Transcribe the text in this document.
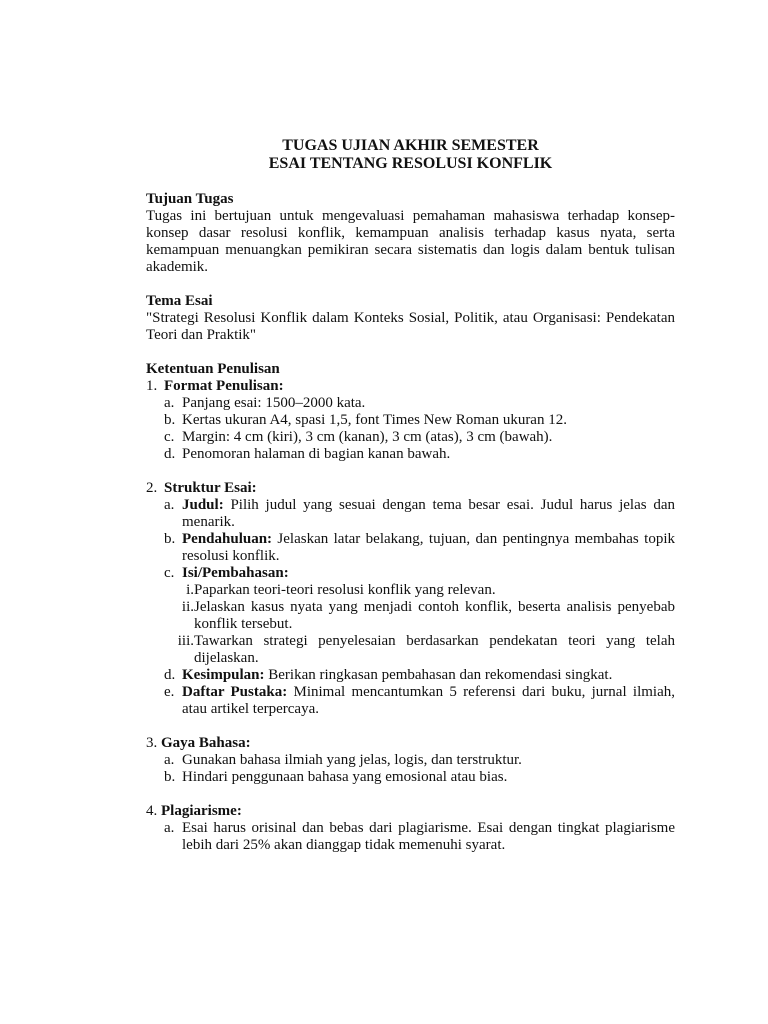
TUGAS UJIAN AKHIR SEMESTER
ESAI TENTANG RESOLUSI KONFLIK
Tujuan Tugas
Tugas ini bertujuan untuk mengevaluasi pemahaman mahasiswa terhadap konsep-konsep dasar resolusi konflik, kemampuan analisis terhadap kasus nyata, serta kemampuan menuangkan pemikiran secara sistematis dan logis dalam bentuk tulisan akademik.
Tema Esai
"Strategi Resolusi Konflik dalam Konteks Sosial, Politik, atau Organisasi: Pendekatan Teori dan Praktik"
Ketentuan Penulisan
1. Format Penulisan:
a. Panjang esai: 1500–2000 kata.
b. Kertas ukuran A4, spasi 1,5, font Times New Roman ukuran 12.
c. Margin: 4 cm (kiri), 3 cm (kanan), 3 cm (atas), 3 cm (bawah).
d. Penomoran halaman di bagian kanan bawah.
2. Struktur Esai:
a. Judul: Pilih judul yang sesuai dengan tema besar esai. Judul harus jelas dan menarik.
b. Pendahuluan: Jelaskan latar belakang, tujuan, dan pentingnya membahas topik resolusi konflik.
c. Isi/Pembahasan:
i. Paparkan teori-teori resolusi konflik yang relevan.
ii. Jelaskan kasus nyata yang menjadi contoh konflik, beserta analisis penyebab konflik tersebut.
iii. Tawarkan strategi penyelesaian berdasarkan pendekatan teori yang telah dijelaskan.
d. Kesimpulan: Berikan ringkasan pembahasan dan rekomendasi singkat.
e. Daftar Pustaka: Minimal mencantumkan 5 referensi dari buku, jurnal ilmiah, atau artikel terpercaya.
3. Gaya Bahasa:
a. Gunakan bahasa ilmiah yang jelas, logis, dan terstruktur.
b. Hindari penggunaan bahasa yang emosional atau bias.
4. Plagiarisme:
a. Esai harus orisinal dan bebas dari plagiarisme. Esai dengan tingkat plagiarisme lebih dari 25% akan dianggap tidak memenuhi syarat.
